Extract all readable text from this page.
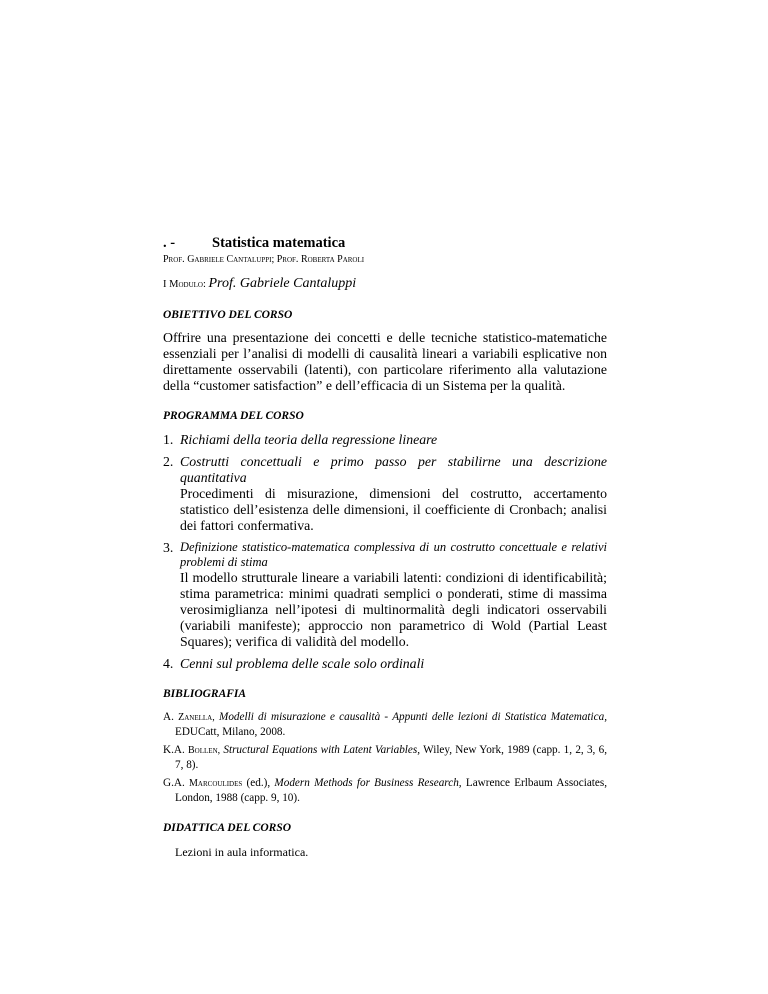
. -	Statistica matematica
Prof. Gabriele Cantaluppi; Prof. Roberta Paroli
I Modulo: Prof. Gabriele Cantaluppi
OBIETTIVO DEL CORSO
Offrire una presentazione dei concetti e delle tecniche statistico-matematiche essenziali per l’analisi di modelli di causalità lineari a variabili esplicative non direttamente osservabili (latenti), con particolare riferimento alla valutazione della “customer satisfaction” e dell’efficacia di un Sistema per la qualità.
PROGRAMMA DEL CORSO
1. Richiami della teoria della regressione lineare
2. Costrutti concettuali e primo passo per stabilirne una descrizione quantitativa
Procedimenti di misurazione, dimensioni del costrutto, accertamento statistico dell’esistenza delle dimensioni, il coefficiente di Cronbach; analisi dei fattori confermativa.
3. Definizione statistico-matematica complessiva di un costrutto concettuale e relativi problemi di stima
Il modello strutturale lineare a variabili latenti: condizioni di identificabilità; stima parametrica: minimi quadrati semplici o ponderati, stime di massima verosimiglianza nell’ipotesi di multinormalità degli indicatori osservabili (variabili manifeste); approccio non parametrico di Wold (Partial Least Squares); verifica di validità del modello.
4. Cenni sul problema delle scale solo ordinali
BIBLIOGRAFIA
A. Zanella, Modelli di misurazione e causalità - Appunti delle lezioni di Statistica Matematica, EDUCatt, Milano, 2008.
K.A. Bollen, Structural Equations with Latent Variables, Wiley, New York, 1989 (capp. 1, 2, 3, 6, 7, 8).
G.A. Marcoulides (ed.), Modern Methods for Business Research, Lawrence Erlbaum Associates, London, 1988 (capp. 9, 10).
DIDATTICA DEL CORSO
Lezioni in aula informatica.
